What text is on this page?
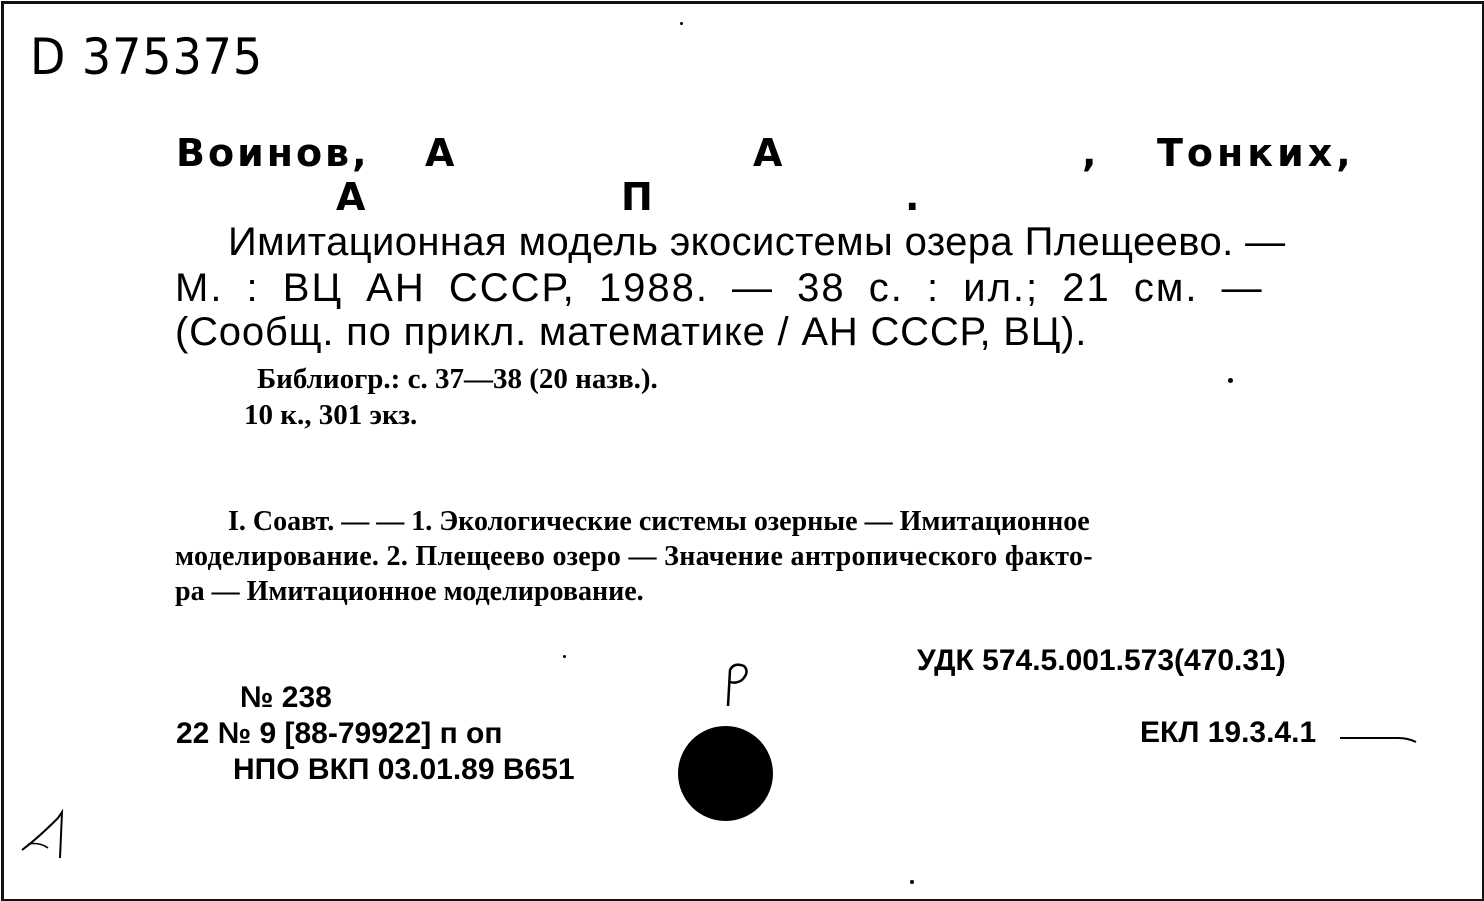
D 375375
Воинов, А	А	, Тонких,
А	П	.
Имитационная модель экосистемы озера Плещеево. —
М. : ВЦ АН СССР, 1988. — 38 с. : ил.; 21 см. —
(Сообщ. по прикл. математике / АН СССР, ВЦ).
Библиогр.: с. 37—38 (20 назв.).
10 к., 301 экз.
I. Соавт. — — 1. Экологические системы озерные — Имитационное
моделирование. 2. Плещеево озеро — Значение антропического факто-
ра — Имитационное моделирование.
УДК 574.5.001.573(470.31)
ЕКЛ 19.3.4.1
№ 238
22 № 9 [88-79922] п оп
НПО ВКП 03.01.89 В651
